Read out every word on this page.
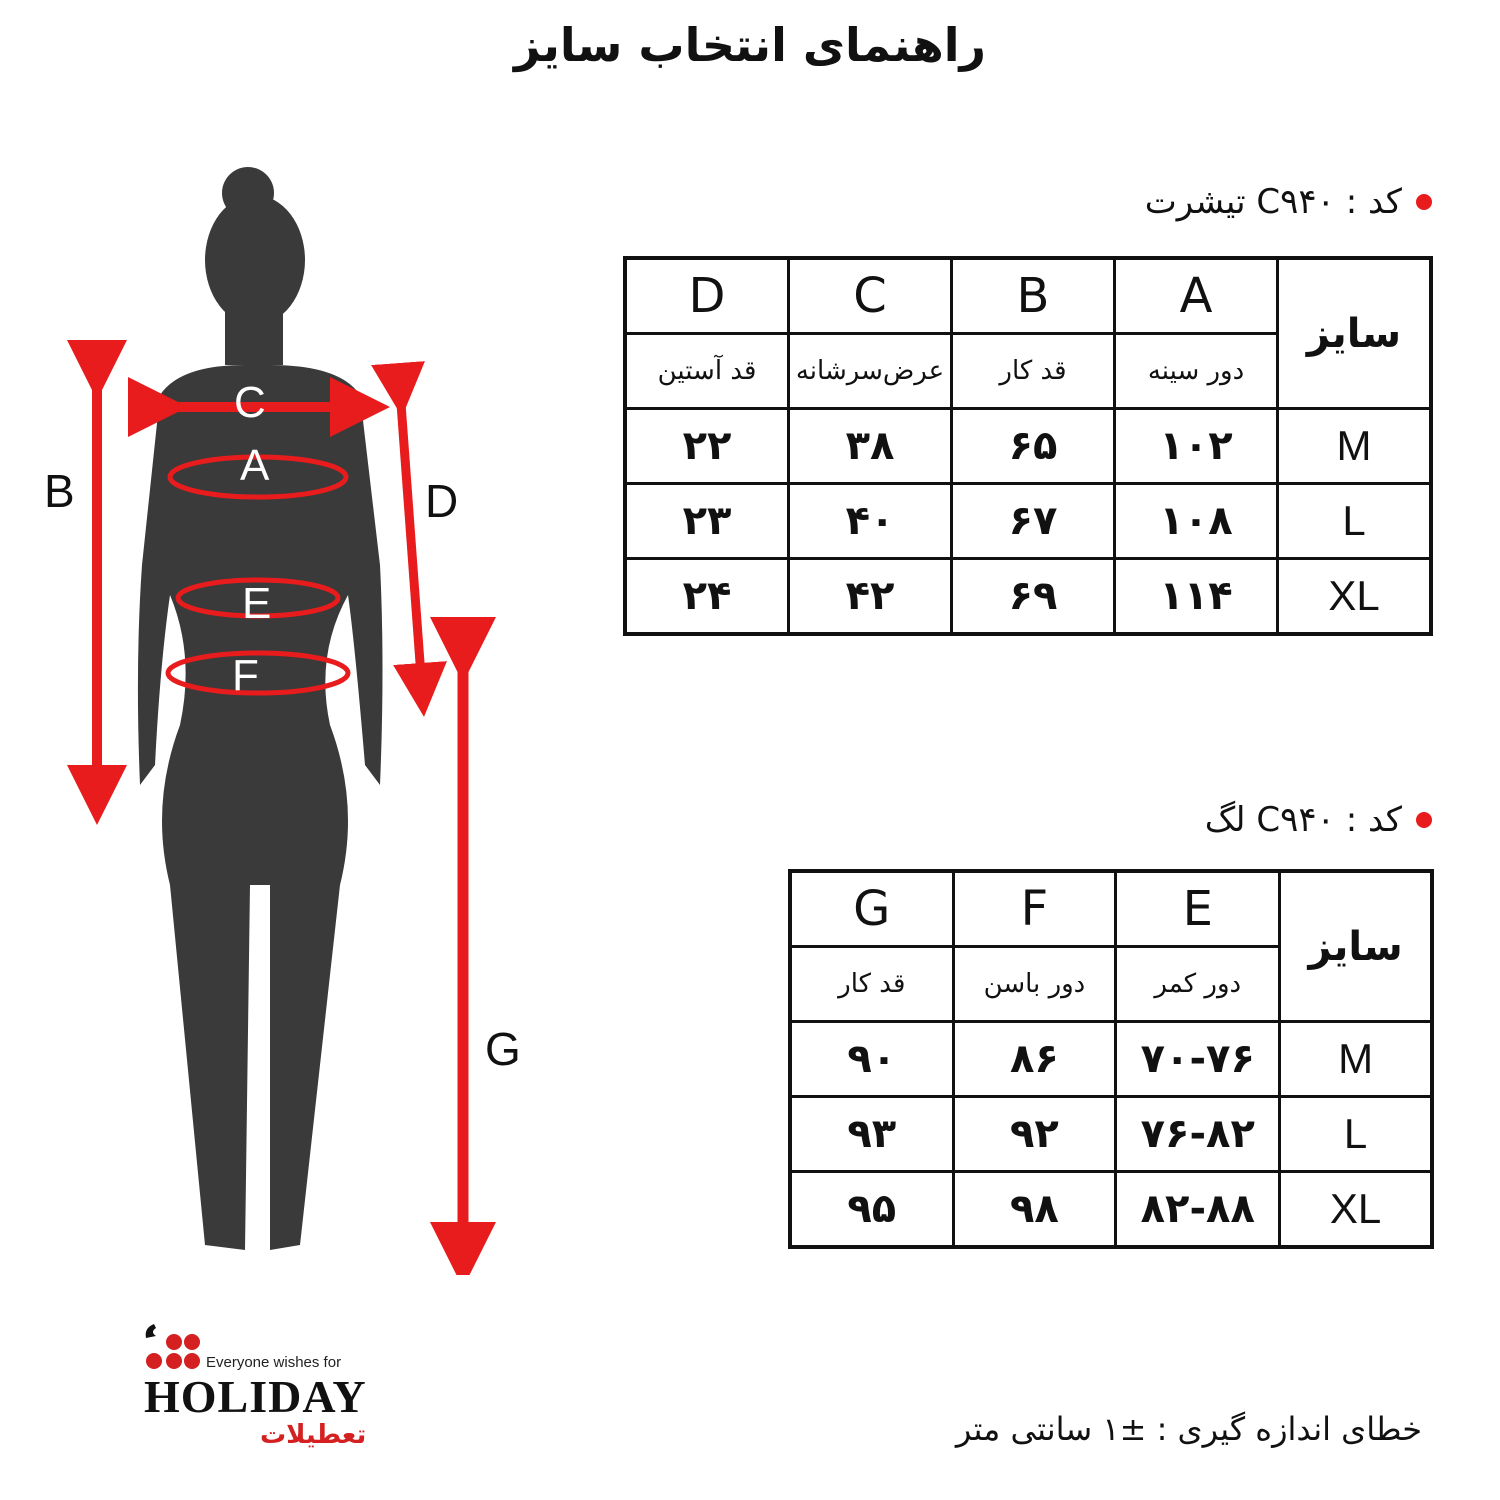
راهنمای انتخاب سایز
B	D
G
C
A
E
F
کد : C۹۴۰ تیشرت
سایز	A	B	C	D
	دور سینه	قد کار	عرض‌سرشانه	قد آستین
M	۱۰۲	۶۵	۳۸	۲۲
L	۱۰۸	۶۷	۴۰	۲۳
XL	۱۱۴	۶۹	۴۲	۲۴
کد : C۹۴۰ لگ
سایز	E	F	G
	دور کمر	دور باسن	قد کار
M	۷۰-۷۶	۸۶	۹۰
L	۷۶-۸۲	۹۲	۹۳
XL	۸۲-۸۸	۹۸	۹۵
خطای اندازه گیری : ±۱ سانتی متر
Everyone wishes for
HOLIDAY
تعطیلات
